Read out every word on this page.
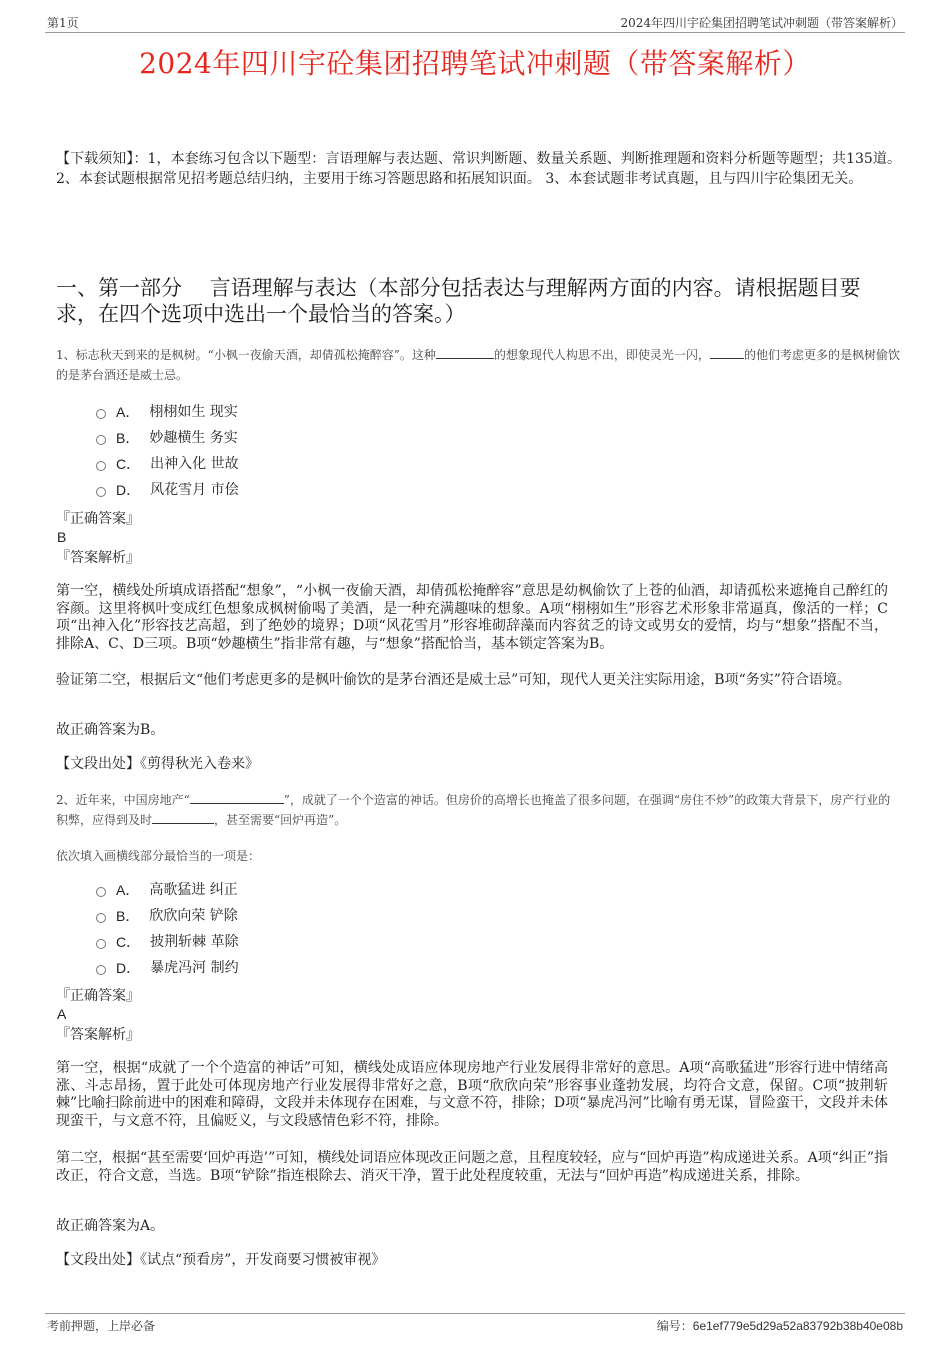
第1页	2024年四川宇砼集团招聘笔试冲刺题（带答案解析）
2024年四川宇砼集团招聘笔试冲刺题（带答案解析）
【下载须知】：1，本套练习包含以下题型：言语理解与表达题、常识判断题、数量关系题、判断推理题和资料分析题等题型；共135道。 2、本套试题根据常见招考题总结归纳，主要用于练习答题思路和拓展知识面。 3、本套试题非考试真题，且与四川宇砼集团无关。
一、第一部分　 言语理解与表达（本部分包括表达与理解两方面的内容。请根据题目要求，在四个选项中选出一个最恰当的答案。）
1、标志秋天到来的是枫树。“小枫一夜偷天酒，却倩孤松掩醉容”。这种	的想象现代人构思不出，即使灵光一闪，	的他们考虑更多的是枫树偷饮的是茅台酒还是威士忌。
A． 栩栩如生 现实
B． 妙趣横生 务实
C． 出神入化 世故
D． 风花雪月 市侩
『正确答案』
B
『答案解析』
第一空，横线处所填成语搭配“想象”，“小枫一夜偷天酒，却倩孤松掩醉容”意思是幼枫偷饮了上苍的仙酒，却请孤松来遮掩自己醉红的容颜。这里将枫叶变成红色想象成枫树偷喝了美酒，是一种充满趣味的想象。A项“栩栩如生”形容艺术形象非常逼真，像活的一样；C项“出神入化”形容技艺高超，到了绝妙的境界；D项“风花雪月”形容堆砌辞藻而内容贫乏的诗文或男女的爱情，均与“想象”搭配不当，排除A、C、D三项。B项“妙趣横生”指非常有趣，与“想象”搭配恰当，基本锁定答案为B。
验证第二空，根据后文“他们考虑更多的是枫叶偷饮的是茅台酒还是威士忌”可知，现代人更关注实际用途，B项“务实”符合语境。
故正确答案为B。
【文段出处】《剪得秋光入卷来》
2、近年来，中国房地产“	”，成就了一个个造富的神话。但房价的高增长也掩盖了很多问题，在强调“房住不炒”的政策大背景下，房产行业的积弊，应得到及时	，甚至需要“回炉再造”。
依次填入画横线部分最恰当的一项是：
A． 高歌猛进 纠正
B． 欣欣向荣 铲除
C． 披荆斩棘 革除
D． 暴虎冯河 制约
『正确答案』
A
『答案解析』
第一空，根据“成就了一个个造富的神话”可知，横线处成语应体现房地产行业发展得非常好的意思。A项“高歌猛进”形容行进中情绪高涨、斗志昂扬，置于此处可体现房地产行业发展得非常好之意，B项“欣欣向荣”形容事业蓬勃发展，均符合文意，保留。C项“披荆斩棘”比喻扫除前进中的困难和障碍，文段并未体现存在困难，与文意不符，排除；D项“暴虎冯河”比喻有勇无谋，冒险蛮干，文段并未体现蛮干，与文意不符，且偏贬义，与文段感情色彩不符，排除。
第二空，根据“甚至需要‘回炉再造’”可知，横线处词语应体现改正问题之意，且程度较轻，应与“回炉再造”构成递进关系。A项“纠正”指改正，符合文意，当选。B项“铲除”指连根除去、消灭干净，置于此处程度较重，无法与“回炉再造”构成递进关系，排除。
故正确答案为A。
【文段出处】《试点“预看房”，开发商要习惯被审视》
考前押题，上岸必备	编号：6e1ef779e5d29a52a83792b38b40e08b
